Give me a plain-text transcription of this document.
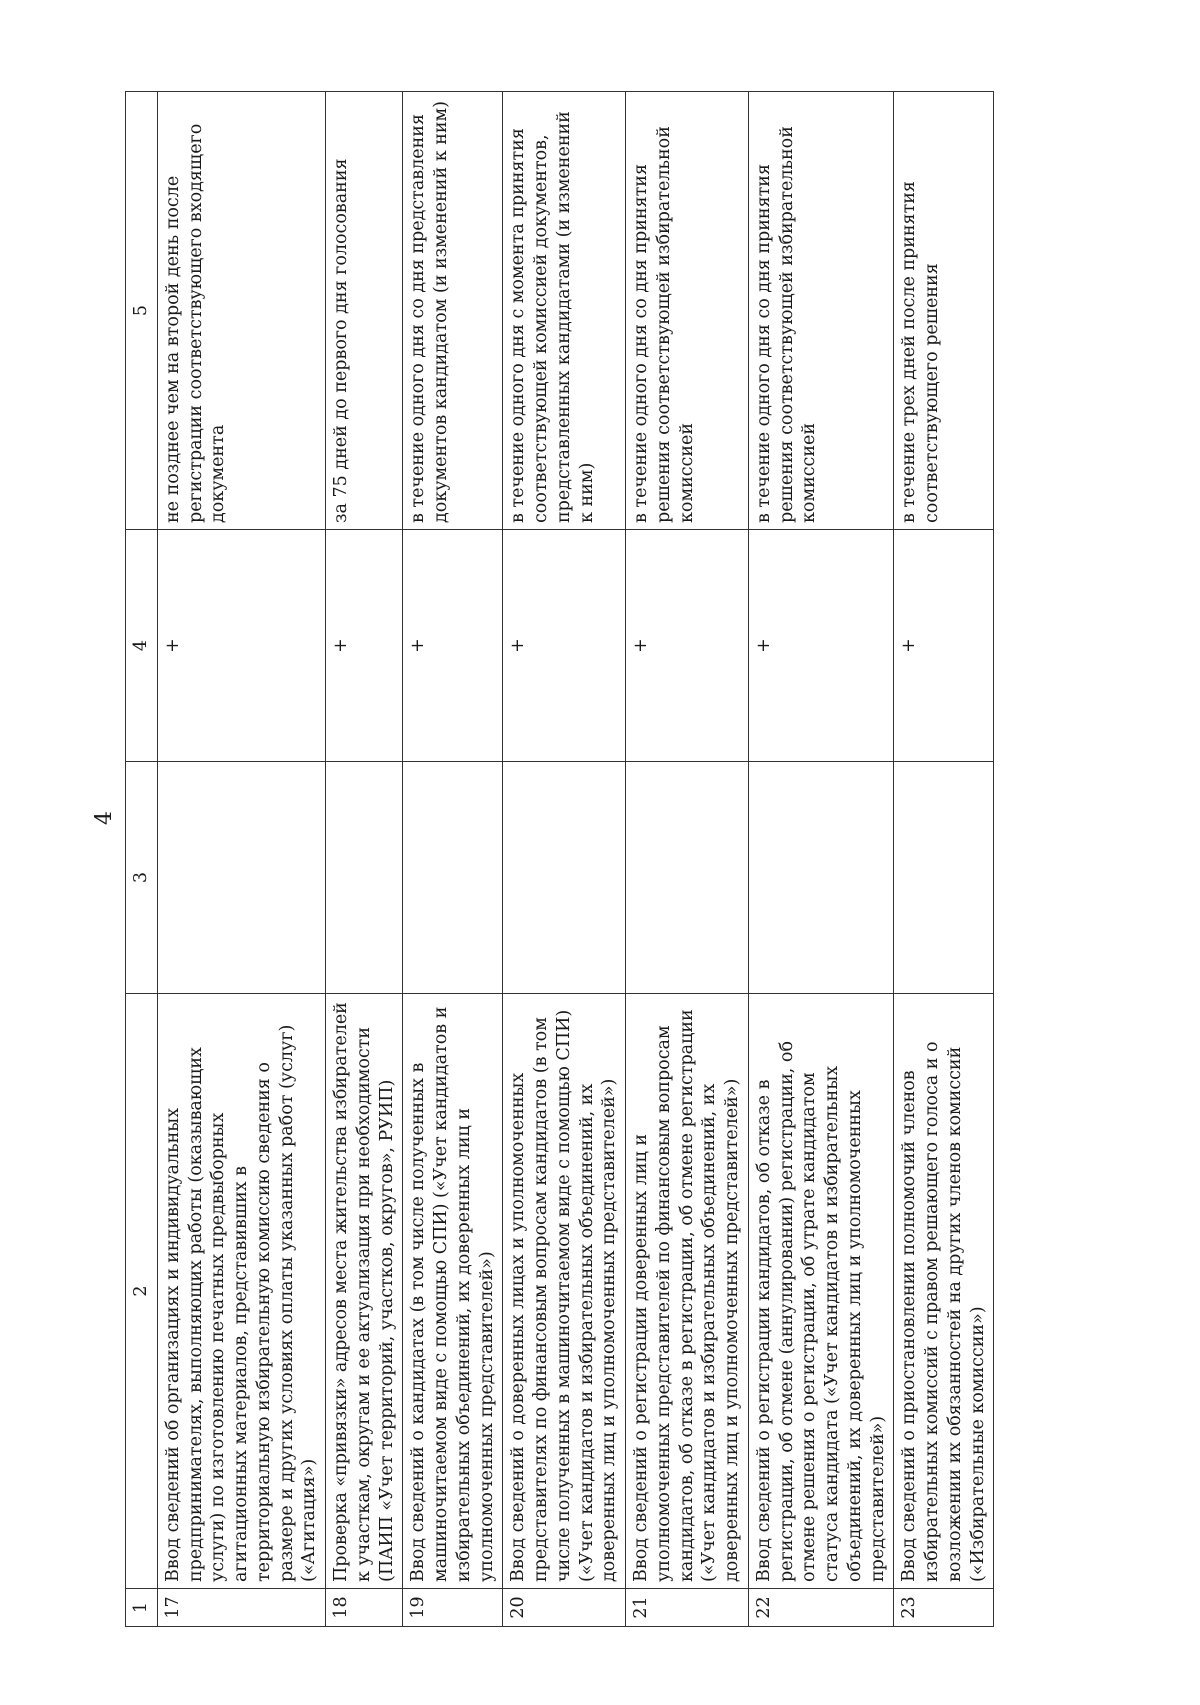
4
1	2	3	4	5
17	Ввод сведений об организациях и индивидуальных предпринимателях, выполняющих работы (оказывающих услуги) по изготовлению печатных предвыборных агитационных материалов, представивших в территориальную избирательную комиссию сведения о размере и других условиях оплаты указанных работ (услуг) («Агитация»)		+	не позднее чем на второй день после регистрации соответствующего входящего документа
18	Проверка «привязки» адресов места жительства избирателей к участкам, округам и ее актуализация при необходимости (ПАИП «Учет территорий, участков, округов», РУИП)		+	за 75 дней до первого дня голосования
19	Ввод сведений о кандидатах (в том числе полученных в машиночитаемом виде с помощью СПИ) («Учет кандидатов и избирательных объединений, их доверенных лиц и уполномоченных представителей»)		+	в течение одного дня со дня представления документов кандидатом (и изменений к ним)
20	Ввод сведений о доверенных лицах и уполномоченных представителях по финансовым вопросам кандидатов (в том числе полученных в машиночитаемом виде с помощью СПИ) («Учет кандидатов и избирательных объединений, их доверенных лиц и уполномоченных представителей»)		+	в течение одного дня с момента принятия соответствующей комиссией документов, представленных кандидатами (и изменений к ним)
21	Ввод сведений о регистрации доверенных лиц и уполномоченных представителей по финансовым вопросам кандидатов, об отказе в регистрации, об отмене регистрации («Учет кандидатов и избирательных объединений, их доверенных лиц и уполномоченных представителей»)		+	в течение одного дня со дня принятия решения соответствующей избирательной комиссией
22	Ввод сведений о регистрации кандидатов, об отказе в регистрации, об отмене (аннулировании) регистрации, об отмене решения о регистрации, об утрате кандидатом статуса кандидата («Учет кандидатов и избирательных объединений, их доверенных лиц и уполномоченных представителей»)		+	в течение одного дня со дня принятия решения соответствующей избирательной комиссией
23	Ввод сведений о приостановлении полномочий членов избирательных комиссий с правом решающего голоса и о возложении их обязанностей на других членов комиссий («Избирательные комиссии»)		+	в течение трех дней после принятия соответствующего решения
